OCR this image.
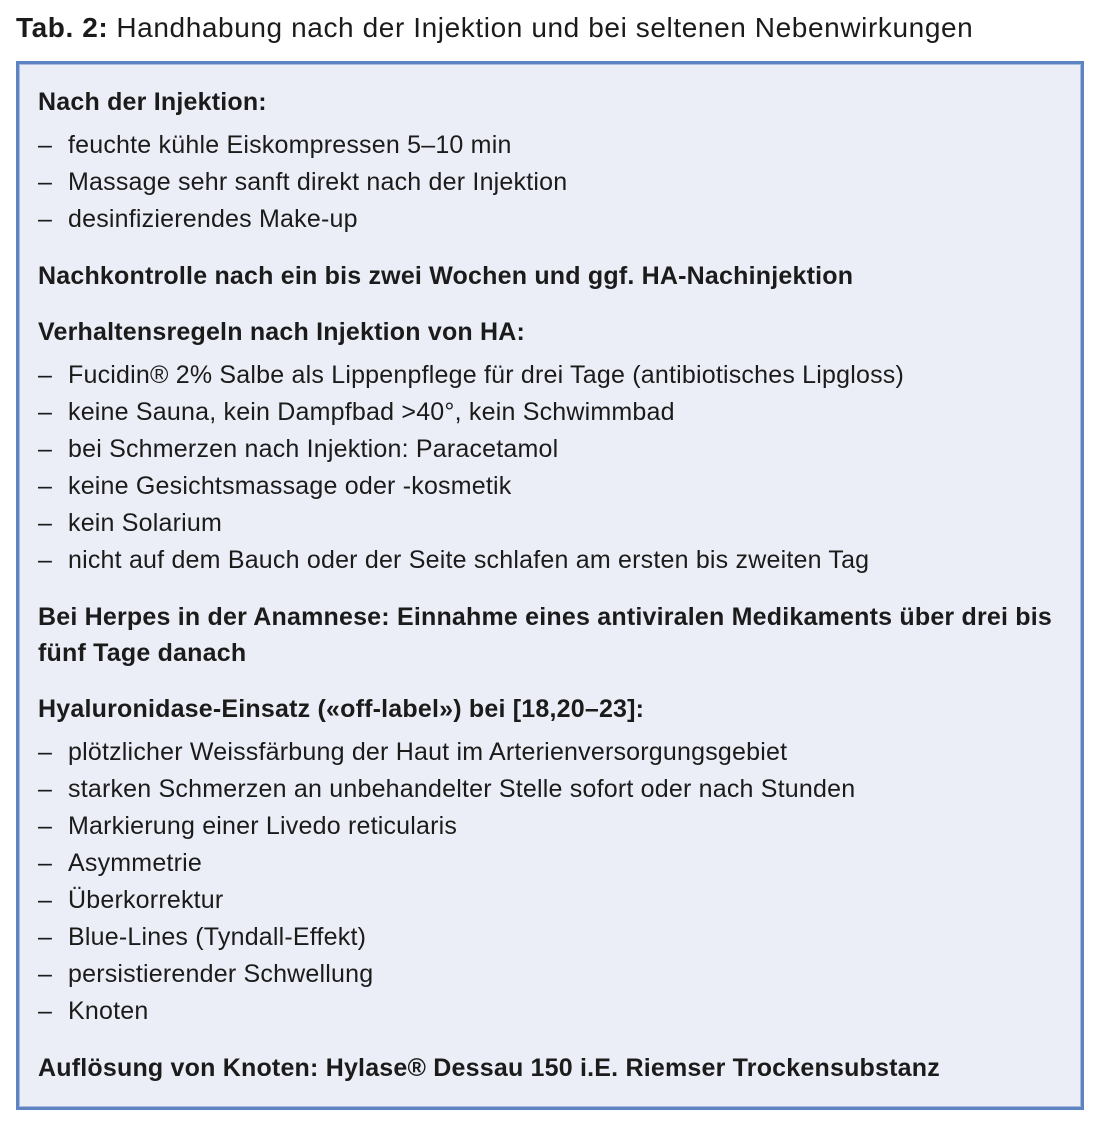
Tab. 2: Handhabung nach der Injektion und bei seltenen Nebenwirkungen
Nach der Injektion:
– feuchte kühle Eiskompressen 5–10 min
– Massage sehr sanft direkt nach der Injektion
– desinfizierendes Make-up
Nachkontrolle nach ein bis zwei Wochen und ggf. HA-Nachinjektion
Verhaltensregeln nach Injektion von HA:
– Fucidin® 2% Salbe als Lippenpflege für drei Tage (antibiotisches Lipgloss)
– keine Sauna, kein Dampfbad >40°, kein Schwimmbad
– bei Schmerzen nach Injektion: Paracetamol
– keine Gesichtsmassage oder -kosmetik
– kein Solarium
– nicht auf dem Bauch oder der Seite schlafen am ersten bis zweiten Tag
Bei Herpes in der Anamnese: Einnahme eines antiviralen Medikaments über drei bis fünf Tage danach
Hyaluronidase-Einsatz («off-label») bei [18,20–23]:
– plötzlicher Weissfärbung der Haut im Arterienversorgungsgebiet
– starken Schmerzen an unbehandelter Stelle sofort oder nach Stunden
– Markierung einer Livedo reticularis
– Asymmetrie
– Überkorrektur
– Blue-Lines (Tyndall-Effekt)
– persistierender Schwellung
– Knoten
Auflösung von Knoten: Hylase® Dessau 150 i.E. Riemser Trockensubstanz
